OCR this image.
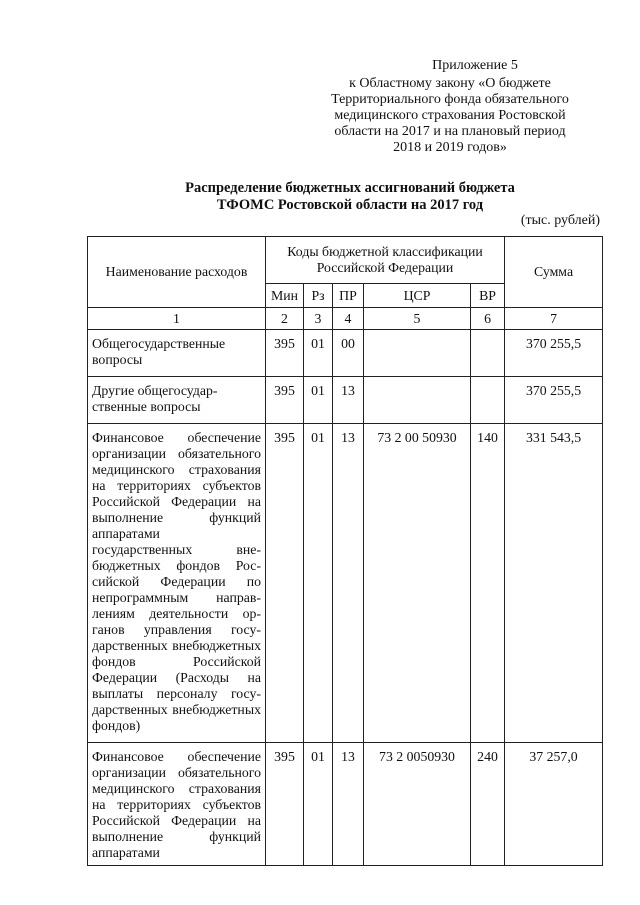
Приложение 5
к Областному закону «О бюджете
Территориального фонда обязательного
медицинского страхования Ростовской
области на 2017 и на плановый период
2018 и 2019 годов»
Распределение бюджетных ассигнований бюджета
ТФОМС Ростовской области на 2017 год
(тыс. рублей)
Наименование расходов	Коды бюджетной классификации
Российской Федерации					Сумма
	Мин	Рз	ПР	ЦСР	ВР	
1	2	3	4	5	6	7
Общегосударственные вопросы	395	01	00			370 255,5
Другие общегосударственные вопросы	395	01	13			370 255,5
Финансовое обеспечение организации обязательного медицинского страхования на территориях субъектов Российской Федерации на выполнение функций аппаратами государственных внебюджетных фондов Российской Федерации по непрограммным направлениям деятельности органов управления государственных внебюджетных фондов Российской Федерации (Расходы на выплаты персоналу государственных внебюджетных фондов)	395	01	13	73 2 00 50930	140	331 543,5
Финансовое обеспечение организации обязательного медицинского страхования на территориях субъектов Российской Федерации на выполнение функций аппаратами	395	01	13	73 2 0050930	240	37 257,0
